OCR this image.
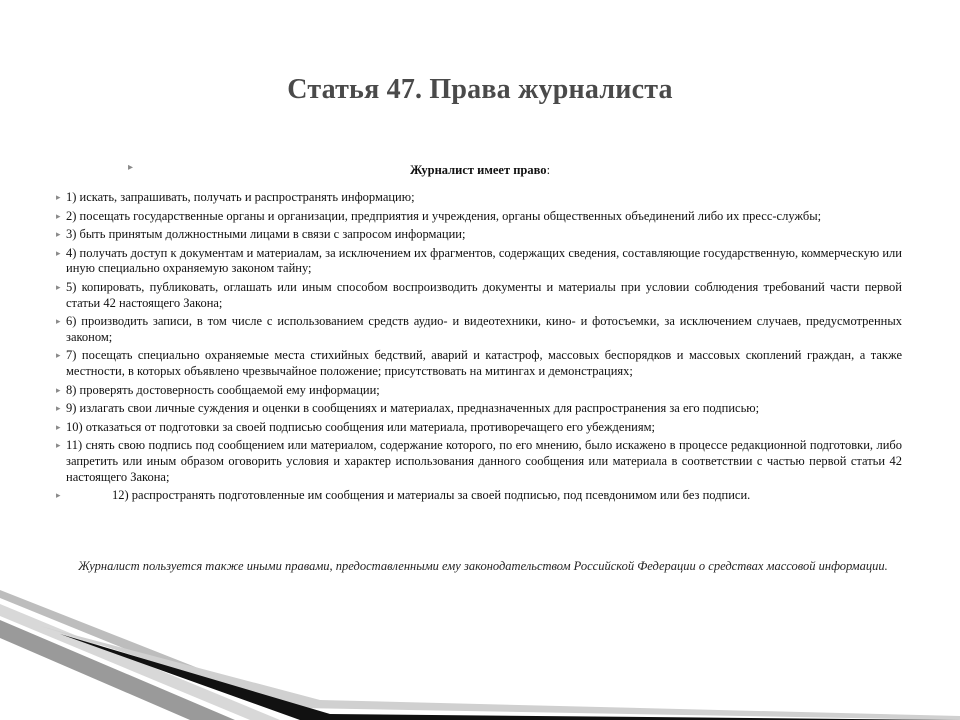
Статья 47. Права журналиста
▸	Журналист имеет право:
▸ 1) искать, запрашивать, получать и распространять информацию;
▸ 2) посещать государственные органы и организации, предприятия и учреждения, органы общественных объединений либо их пресс-службы;
▸ 3) быть принятым должностными лицами в связи с запросом информации;
▸ 4) получать доступ к документам и материалам, за исключением их фрагментов, содержащих сведения, составляющие государственную, коммерческую или иную специально охраняемую законом тайну;
▸ 5) копировать, публиковать, оглашать или иным способом воспроизводить документы и материалы при условии соблюдения требований части первой статьи 42 настоящего Закона;
▸ 6) производить записи, в том числе с использованием средств аудио- и видеотехники, кино- и фотосъемки, за исключением случаев, предусмотренных законом;
▸ 7) посещать специально охраняемые места стихийных бедствий, аварий и катастроф, массовых беспорядков и массовых скоплений граждан, а также местности, в которых объявлено чрезвычайное положение; присутствовать на митингах и демонстрациях;
▸ 8) проверять достоверность сообщаемой ему информации;
▸ 9) излагать свои личные суждения и оценки в сообщениях и материалах, предназначенных для распространения за его подписью;
▸ 10) отказаться от подготовки за своей подписью сообщения или материала, противоречащего его убеждениям;
▸ 11) снять свою подпись под сообщением или материалом, содержание которого, по его мнению, было искажено в процессе редакционной подготовки, либо запретить или иным образом оговорить условия и характер использования данного сообщения или материала в соответствии с частью первой статьи 42 настоящего Закона;
▸	12) распространять подготовленные им сообщения и материалы за своей подписью, под псевдонимом или без подписи.
Журналист пользуется также иными правами, предоставленными ему законодательством Российской Федерации о средствах массовой информации.
